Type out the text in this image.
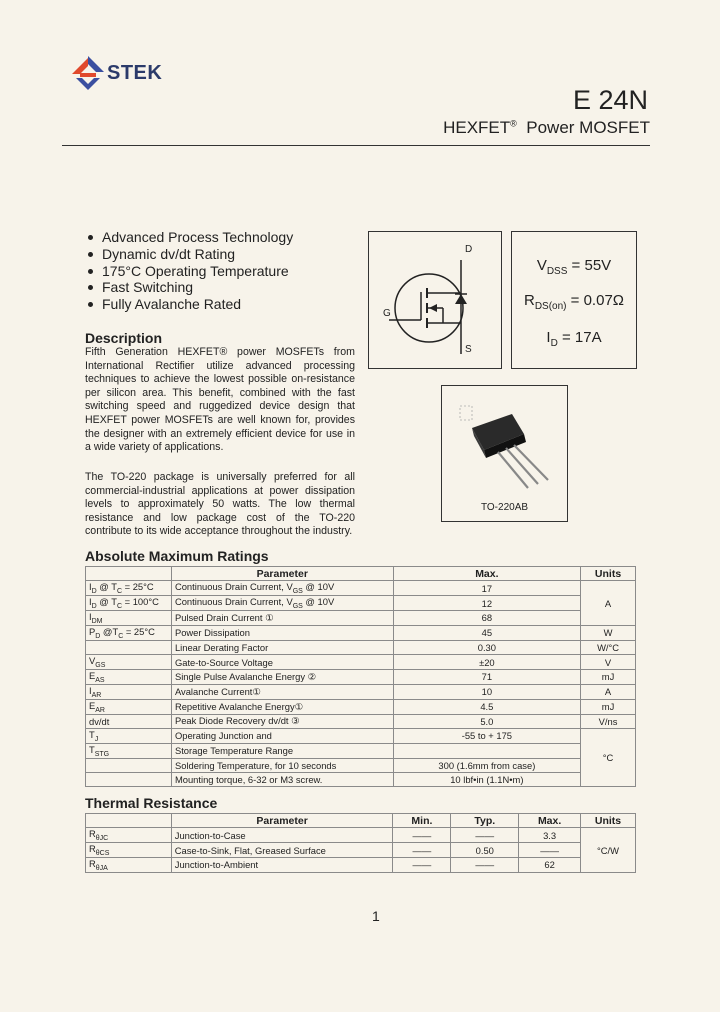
STEK
E 24N
HEXFET® Power MOSFET
Advanced Process Technology
Dynamic dv/dt Rating
175°C Operating Temperature
Fast Switching
Fully Avalanche Rated
Description
Fifth Generation HEXFET® power MOSFETs from International Rectifier utilize advanced processing techniques to achieve the lowest possible on-resistance per silicon area. This benefit, combined with the fast switching speed and ruggedized device design that HEXFET power MOSFETs are well known for, provides the designer with an extremely efficient device for use in a wide variety of applications.
The TO-220 package is universally preferred for all commercial-industrial applications at power dissipation levels to approximately 50 watts. The low thermal resistance and low package cost of the TO-220 contribute to its wide acceptance throughout the industry.
D
G
S
$V_{DSS} = 55V$
$R_{DS(on)} = 0.07\Omega$
$I_D = 17A$
TO-220AB
Absolute Maximum Ratings
	Parameter	Max.	Units
$I_D$ @ $T_C = 25^\circ C$	Continuous Drain Current, $V_{GS}$ @ 10V	17	A
$I_D$ @ $T_C = 100^\circ C$	Continuous Drain Current, $V_{GS}$ @ 10V	12	
$I_{DM}$	Pulsed Drain Current ①	68	
$P_D$ $@T_C = 25^\circ C$	Power Dissipation	45	W
	Linear Derating Factor	0.30	W/°C
$V_{GS}$	Gate-to-Source Voltage	±20	V
$E_{AS}$	Single Pulse Avalanche Energy ②	71	mJ
$I_{AR}$	Avalanche Current①	10	A
$E_{AR}$	Repetitive Avalanche Energy①	4.5	mJ
dv/dt	Peak Diode Recovery dv/dt ③	5.0	V/ns
$T_J$	Operating Junction and	-55 to + 175	°C
$T_{STG}$	Storage Temperature Range		
	Soldering Temperature, for 10 seconds	300 (1.6mm from case)	
	Mounting torque, 6-32 or M3 screw.	10 lbf•in (1.1N•m)	
Thermal Resistance
	Parameter	Min.	Typ.	Max.	Units
$R_{\theta JC}$	Junction-to-Case	——	——	3.3	°C/W
$R_{\theta CS}$	Case-to-Sink, Flat, Greased Surface	——	0.50	——	
$R_{\theta JA}$	Junction-to-Ambient	——	——	62	
1
